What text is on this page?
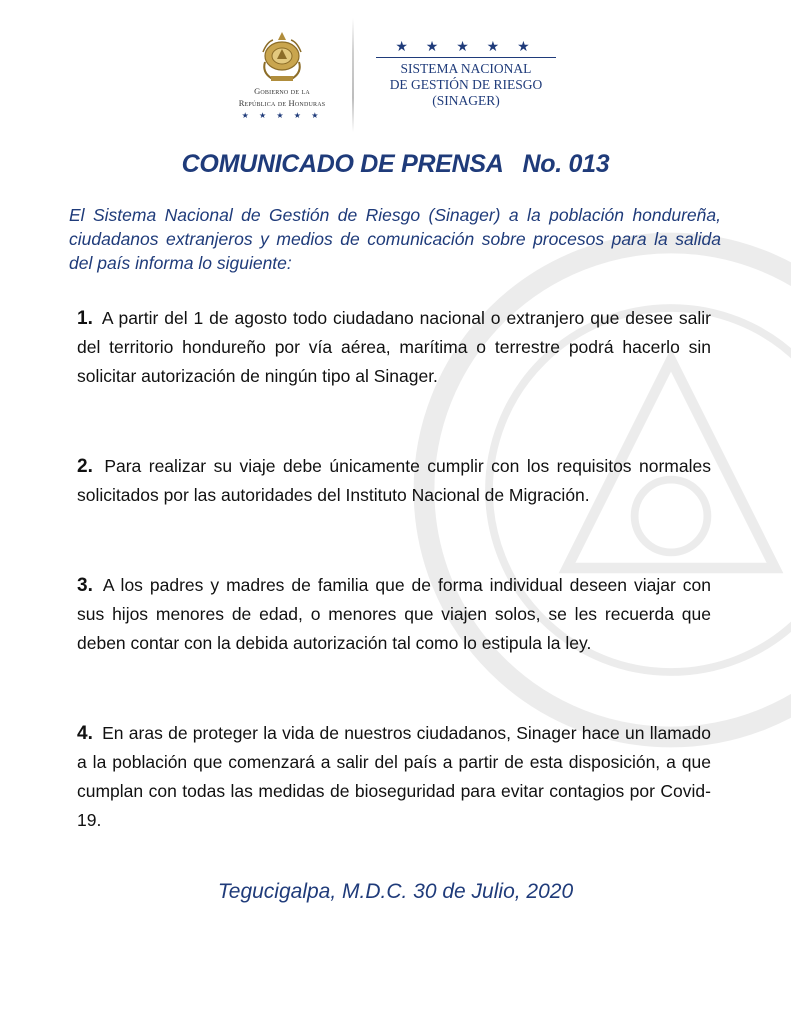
Gobierno de la
República de Honduras
★ ★ ★ ★ ★
★ ★ ★ ★ ★
SISTEMA NACIONAL
DE GESTIÓN DE RIESGO
(SINAGER)
COMUNICADO DE PRENSA   No. 013
El Sistema Nacional de Gestión de Riesgo (Sinager) a la población hondureña, ciudadanos extranjeros y medios de comunicación sobre procesos para la salida del país informa lo siguiente:
1. A partir del 1 de agosto todo ciudadano nacional o extranjero que desee salir del territorio hondureño por vía aérea, marítima o terrestre podrá hacerlo sin solicitar autorización de ningún tipo al Sinager.
2. Para realizar su viaje debe únicamente cumplir con los requisitos normales solicitados por las autoridades del Instituto Nacional de Migración.
3. A los padres y madres de familia que de forma individual deseen viajar con sus hijos menores de edad, o menores que viajen solos, se les recuerda que deben contar con la debida autorización tal como lo estipula la ley.
4. En aras de proteger la vida de nuestros ciudadanos, Sinager hace un llamado a la población que comenzará a salir del país a partir de esta disposición, a que cumplan con todas las medidas de bioseguridad para evitar contagios por Covid-19.
Tegucigalpa, M.D.C. 30 de Julio, 2020
